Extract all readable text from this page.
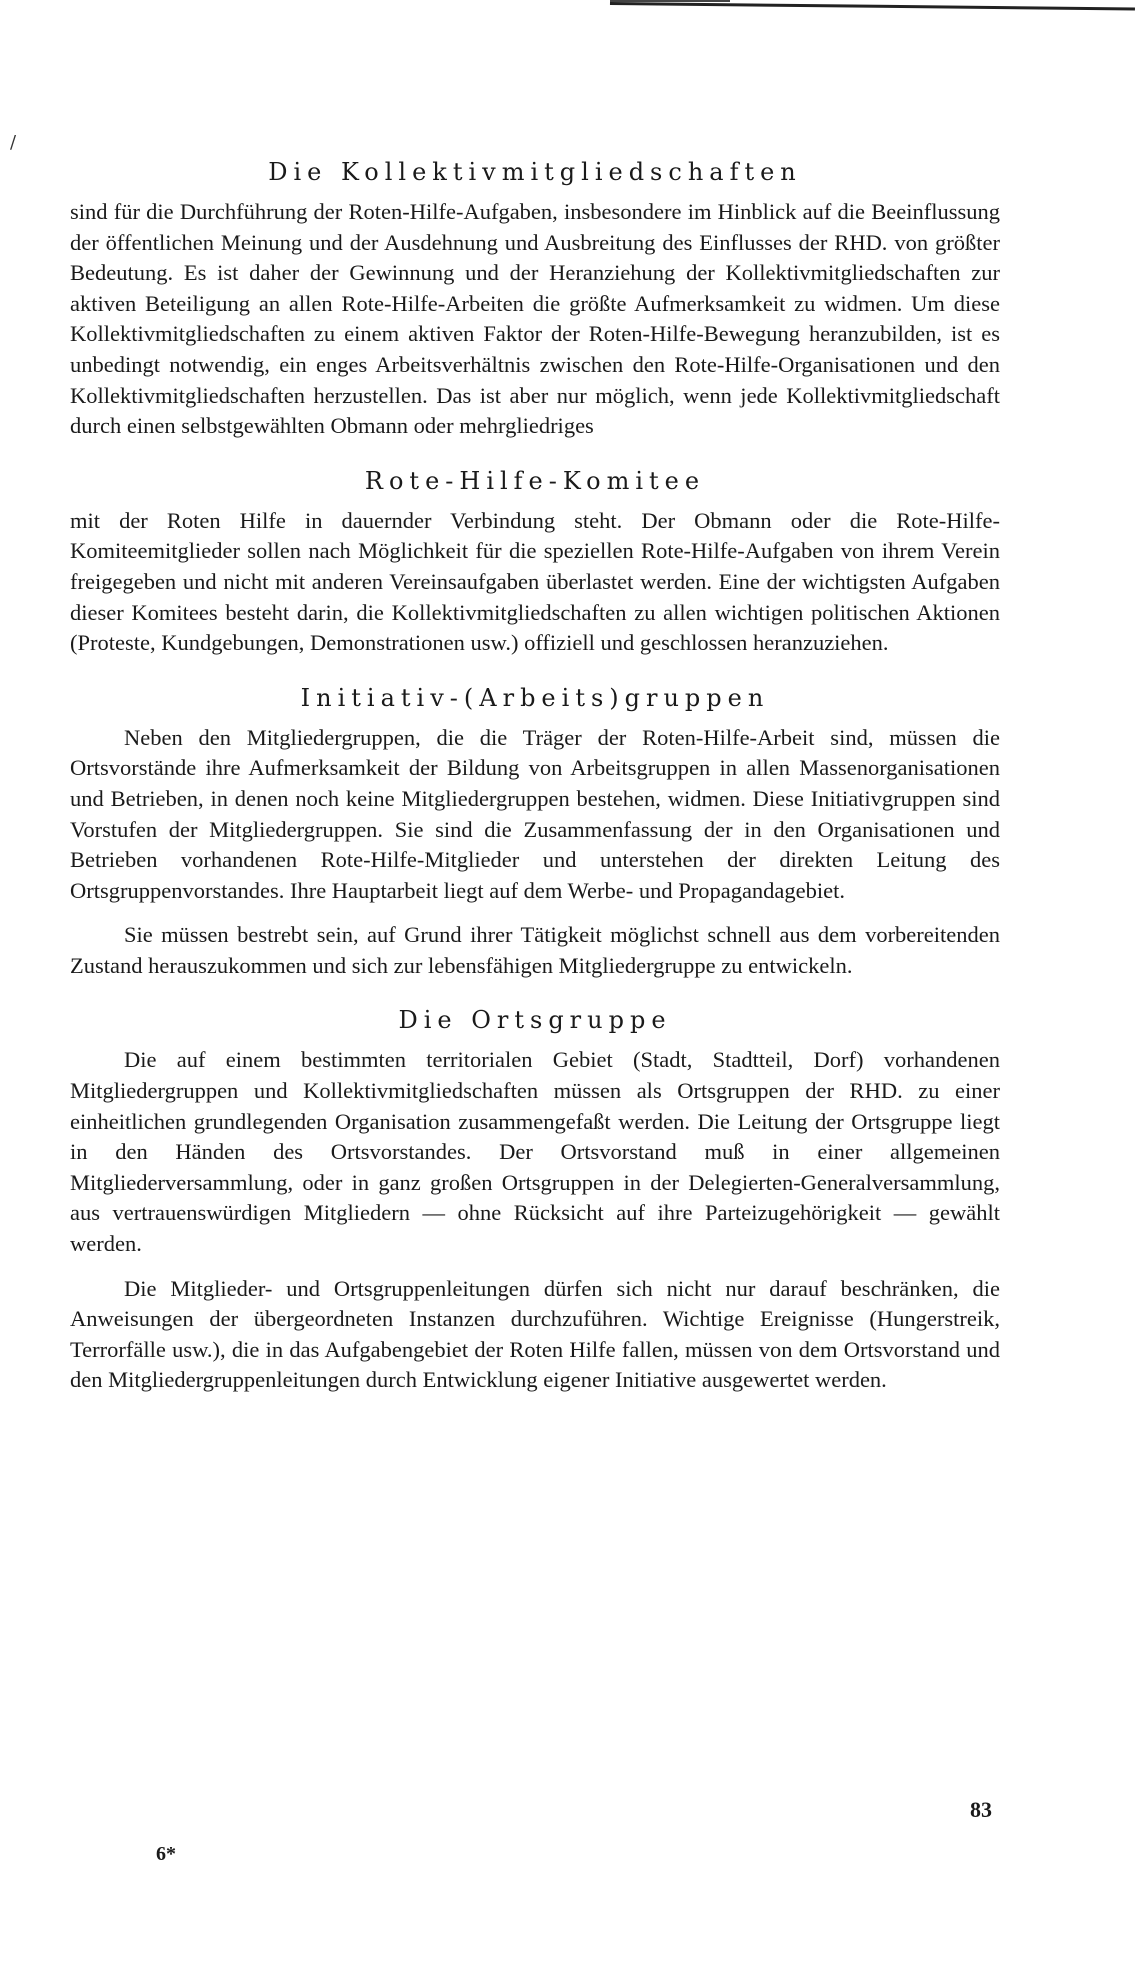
/
Die Kollektivmitgliedschaften

sind für die Durchführung der Roten-Hilfe-Aufgaben, insbesondere im Hinblick auf die Beeinflussung der öffentlichen Meinung und der Ausdehnung und Ausbreitung des Einflusses der RHD. von größter Bedeutung. Es ist daher der Gewinnung und der Heranziehung der Kollektivmitgliedschaften zur aktiven Beteiligung an allen Rote-Hilfe-Arbeiten die größte Aufmerksamkeit zu widmen. Um diese Kollektivmitgliedschaften zu einem aktiven Faktor der Roten-Hilfe-Bewegung heranzubilden, ist es unbedingt notwendig, ein enges Arbeitsverhältnis zwischen den Rote-Hilfe-Organisationen und den Kollektivmitgliedschaften herzustellen. Das ist aber nur möglich, wenn jede Kollektivmitgliedschaft durch einen selbstgewählten Obmann oder mehrgliedriges

Rote-Hilfe-Komitee

mit der Roten Hilfe in dauernder Verbindung steht. Der Obmann oder die Rote-Hilfe-Komiteemitglieder sollen nach Möglichkeit für die speziellen Rote-Hilfe-Aufgaben von ihrem Verein freigegeben und nicht mit anderen Vereinsaufgaben überlastet werden. Eine der wichtigsten Aufgaben dieser Komitees besteht darin, die Kollektivmitgliedschaften zu allen wichtigen politischen Aktionen (Proteste, Kundgebungen, Demonstrationen usw.) offiziell und geschlossen heranzuziehen.

Initiativ-(Arbeits)gruppen

Neben den Mitgliedergruppen, die die Träger der Roten-Hilfe-Arbeit sind, müssen die Ortsvorstände ihre Aufmerksamkeit der Bildung von Arbeitsgruppen in allen Massenorganisationen und Betrieben, in denen noch keine Mitgliedergruppen bestehen, widmen. Diese Initiativgruppen sind Vorstufen der Mitgliedergruppen. Sie sind die Zusammenfassung der in den Organisationen und Betrieben vorhandenen Rote-Hilfe-Mitglieder und unterstehen der direkten Leitung des Ortsgruppenvorstandes. Ihre Hauptarbeit liegt auf dem Werbe- und Propagandagebiet.

Sie müssen bestrebt sein, auf Grund ihrer Tätigkeit möglichst schnell aus dem vorbereitenden Zustand herauszukommen und sich zur lebensfähigen Mitgliedergruppe zu entwickeln.

Die Ortsgruppe

Die auf einem bestimmten territorialen Gebiet (Stadt, Stadtteil, Dorf) vorhandenen Mitgliedergruppen und Kollektivmitgliedschaften müssen als Ortsgruppen der RHD. zu einer einheitlichen grundlegenden Organisation zusammengefaßt werden. Die Leitung der Ortsgruppe liegt in den Händen des Ortsvorstandes. Der Ortsvorstand muß in einer allgemeinen Mitgliederversammlung, oder in ganz großen Ortsgruppen in der Delegierten-Generalversammlung, aus vertrauenswürdigen Mitgliedern — ohne Rücksicht auf ihre Parteizugehörigkeit — gewählt werden.

Die Mitglieder- und Ortsgruppenleitungen dürfen sich nicht nur darauf beschränken, die Anweisungen der übergeordneten Instanzen durchzuführen. Wichtige Ereignisse (Hungerstreik, Terrorfälle usw.), die in das Aufgabengebiet der Roten Hilfe fallen, müssen von dem Ortsvorstand und den Mitgliedergruppenleitungen durch Entwicklung eigener Initiative ausgewertet werden.

83
6*
